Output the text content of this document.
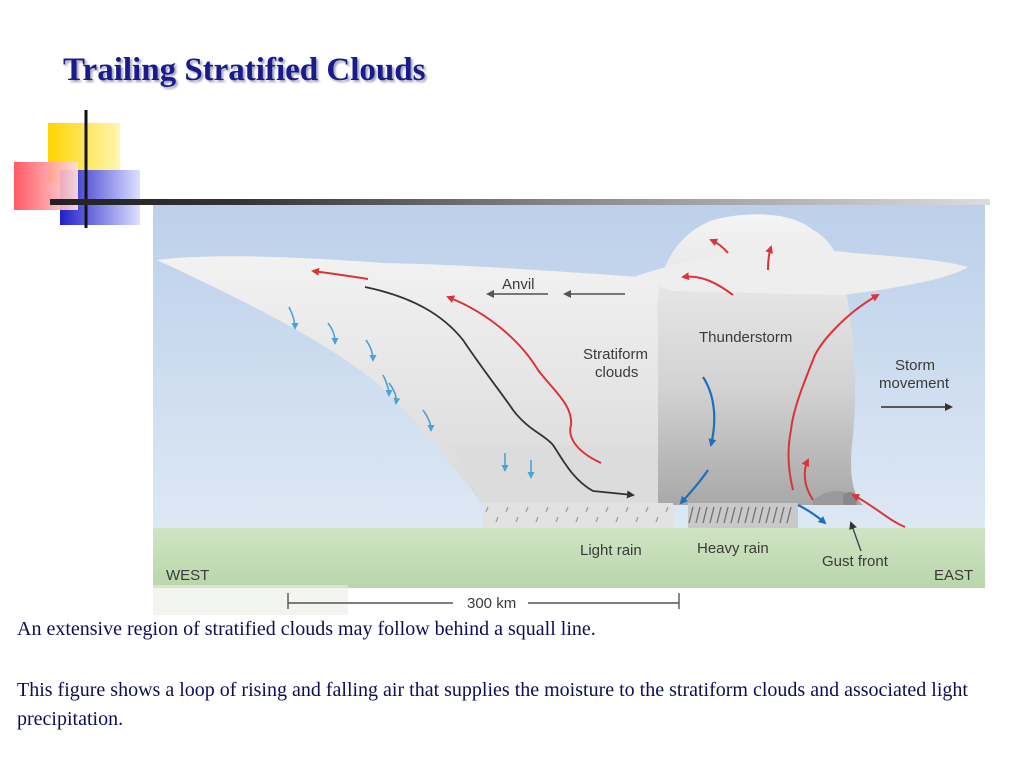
Trailing Stratified Clouds
Anvil
Stratiform
clouds
Thunderstorm
Storm
movement
Light rain	Heavy rain
Gust front
WEST	EAST
300 km

An extensive region of stratified clouds may follow behind a squall line.

This figure shows a loop of rising and falling air that supplies the moisture to the stratiform clouds and associated light precipitation.
